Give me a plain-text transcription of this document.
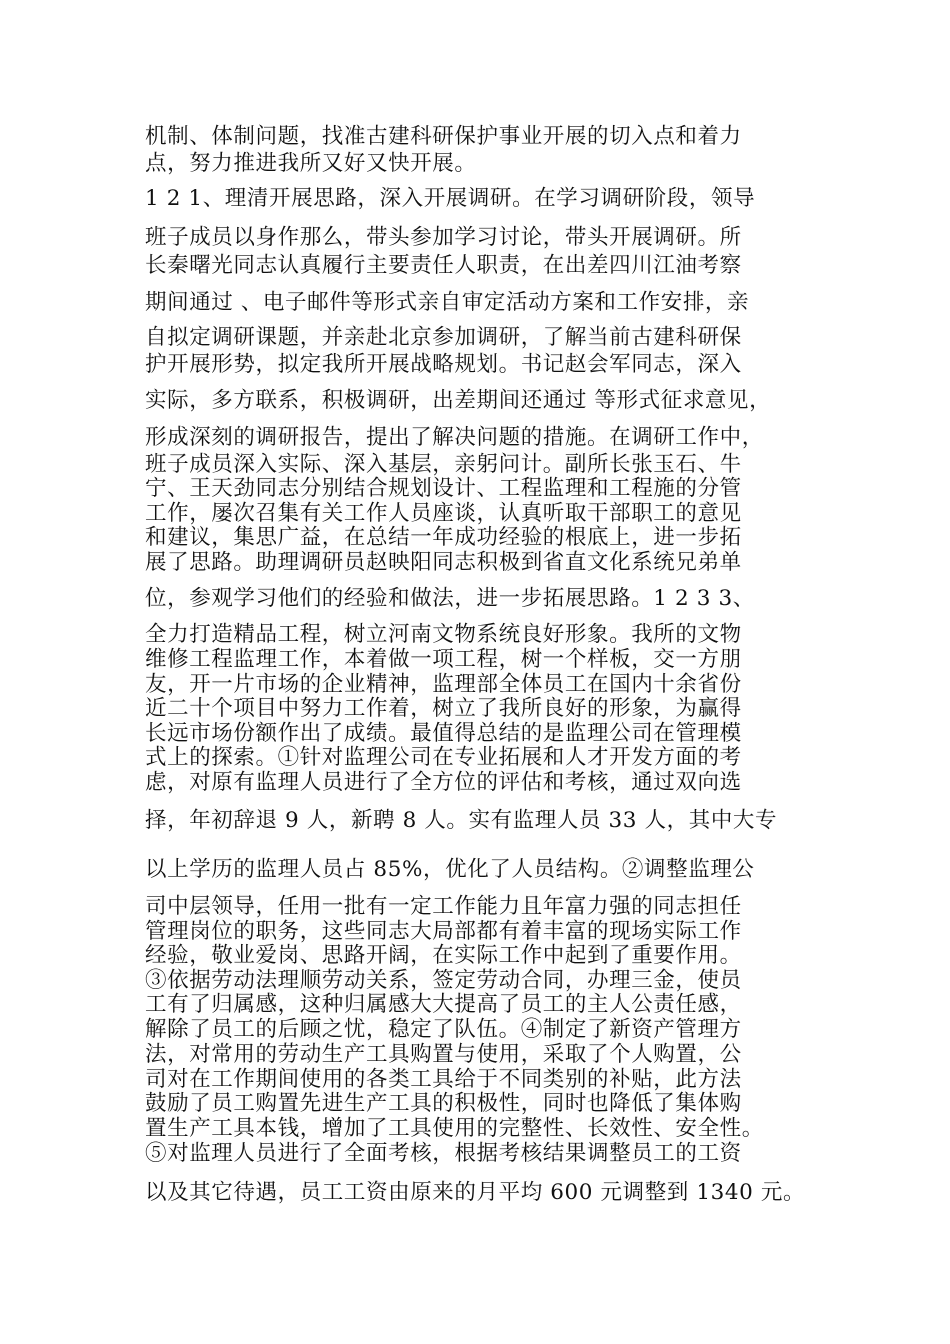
机制、体制问题，找准古建科研保护事业开展的切入点和着力

点，努力推进我所又好又快开展。

1 2 1、理清开展思路，深入开展调研。在学习调研阶段，领导

班子成员以身作那么，带头参加学习讨论，带头开展调研。所

长秦曙光同志认真履行主要责任人职责，在出差四川江油考察

期间通过 、电子邮件等形式亲自审定活动方案和工作安排，亲

自拟定调研课题，并亲赴北京参加调研，了解当前古建科研保

护开展形势，拟定我所开展战略规划。书记赵会军同志，深入

实际，多方联系，积极调研，出差期间还通过 等形式征求意见，

形成深刻的调研报告，提出了解决问题的措施。在调研工作中，

班子成员深入实际、深入基层，亲躬问计。副所长张玉石、牛

宁、王天劲同志分别结合规划设计、工程监理和工程施的分管

工作，屡次召集有关工作人员座谈，认真听取干部职工的意见

和建议，集思广益，在总结一年成功经验的根底上，进一步拓

展了思路。助理调研员赵映阳同志积极到省直文化系统兄弟单

位，参观学习他们的经验和做法，进一步拓展思路。1 2 3 3、

全力打造精品工程，树立河南文物系统良好形象。我所的文物

维修工程监理工作，本着做一项工程，树一个样板，交一方朋

友，开一片市场的企业精神，监理部全体员工在国内十余省份

近二十个项目中努力工作着，树立了我所良好的形象，为赢得

长远市场份额作出了成绩。最值得总结的是监理公司在管理模

式上的探索。①针对监理公司在专业拓展和人才开发方面的考

虑，对原有监理人员进行了全方位的评估和考核，通过双向选

择，年初辞退 9 人，新聘 8 人。实有监理人员 33 人，其中大专

以上学历的监理人员占 85%，优化了人员结构。②调整监理公

司中层领导，任用一批有一定工作能力且年富力强的同志担任

管理岗位的职务，这些同志大局部都有着丰富的现场实际工作

经验，敬业爱岗、思路开阔，在实际工作中起到了重要作用。

③依据劳动法理顺劳动关系，签定劳动合同，办理三金，使员

工有了归属感，这种归属感大大提高了员工的主人公责任感，

解除了员工的后顾之忧，稳定了队伍。④制定了新资产管理方

法，对常用的劳动生产工具购置与使用，采取了个人购置，公

司对在工作期间使用的各类工具给于不同类别的补贴，此方法

鼓励了员工购置先进生产工具的积极性，同时也降低了集体购

置生产工具本钱，增加了工具使用的完整性、长效性、安全性。

⑤对监理人员进行了全面考核，根据考核结果调整员工的工资

以及其它待遇，员工工资由原来的月平均 600 元调整到 1340 元。
